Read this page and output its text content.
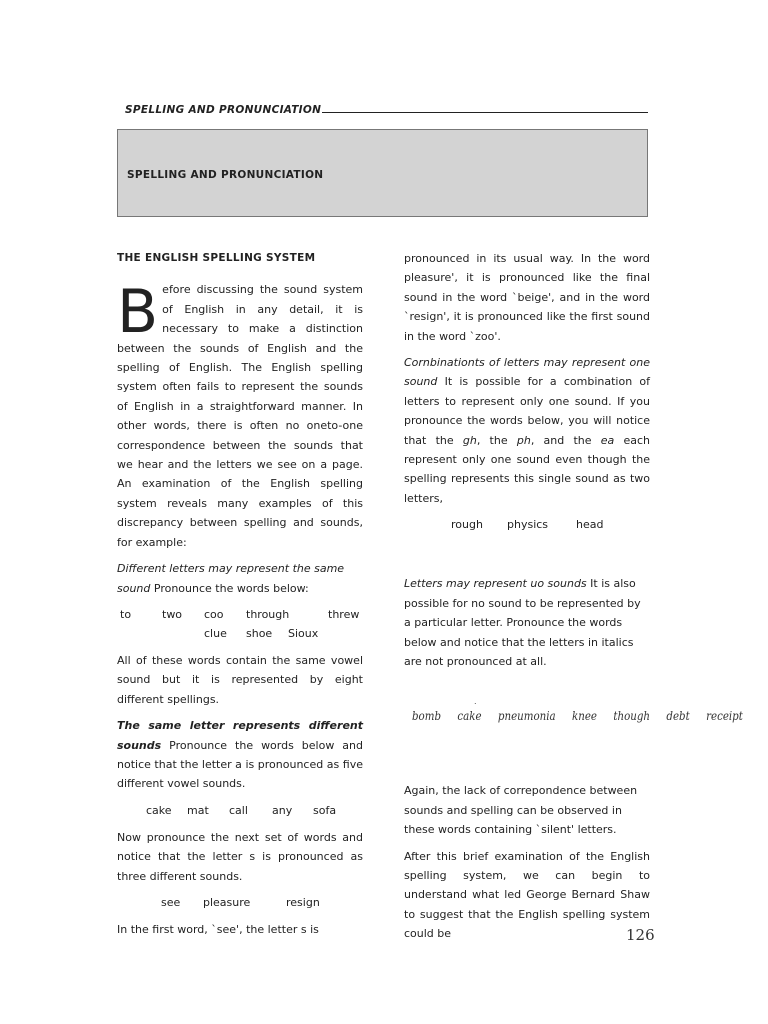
SPELLING AND PRONUNCIATION
SPELLING AND PRONUNCIATION
THE ENGLISH SPELLING SYSTEM

Before discussing the sound system of English in any detail, it is necessary to make a distinction between the sounds of English and the spelling of English. The English spelling system often fails to represent the sounds of English in a straightforward manner. In other words, there is often no oneto-one correspondence between the sounds that we hear and the letters we see on a page. An examination of the English spelling system reveals many examples of this discrepancy between spelling and sounds, for example:

Different letters may represent the same sound Pronounce the words below:

to	two coo through	threw
clue shoe Sioux

All of these words contain the same vowel sound but it is represented by eight different spellings.

The same letter represents different sounds Pronounce the words below and notice that the letter a is pronounced as five different vowel sounds.

cake mat call any sofa

Now pronounce the next set of words and notice that the letter s is pronounced as three different sounds.

see pleasure	resign

In the first word, `see', the letter s is

pronounced in its usual way. In the word pleasure', it is pronounced like the final sound in the word `beige', and in the word `resign', it is pronounced like the first sound in the word `zoo'.

Cornbinationts of letters may represent one sound It is possible for a combination of letters to represent only one sound. If you pronounce the words below, you will notice that the gh, the ph, and the ea each represent only one sound even though the spelling represents this single sound as two letters,

rough physics	head

Letters may represent uo sounds It is also possible for no sound to be represented by a particular letter. Pronounce the words below and notice that the letters in italics are not pronounced at all.

Again, the lack of correpondence between sounds and spelling can be observed in these words containing `silent' letters.

After this brief examination of the English spelling system, we can begin to understand what led George Bernard Shaw to suggest that the English spelling system could be

.
bomb cake pneumonia knee though debt receipt
126
